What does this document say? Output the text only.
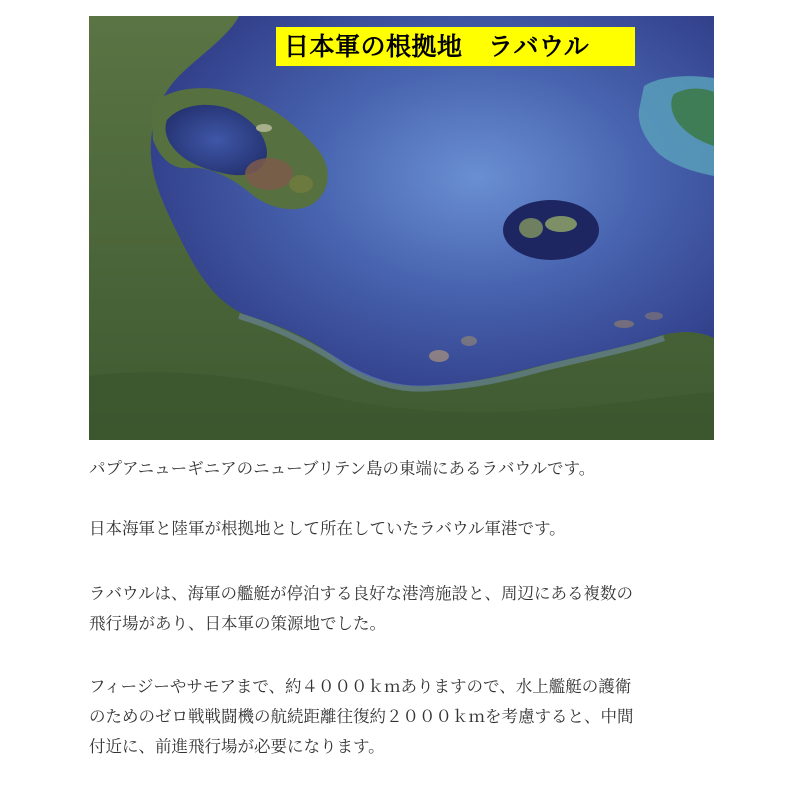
日本軍の根拠地　ラバウル

パプアニューギニアのニューブリテン島の東端にあるラバウルです。

日本海軍と陸軍が根拠地として所在していたラバウル軍港です。

ラバウルは、海軍の艦艇が停泊する良好な港湾施設と、周辺にある複数の

飛行場があり、日本軍の策源地でした。

フィージーやサモアまで、約４０００ｋｍありますので、水上艦艇の護衛

のためのゼロ戦戦闘機の航続距離往復約２０００ｋｍを考慮すると、中間

付近に、前進飛行場が必要になります。
